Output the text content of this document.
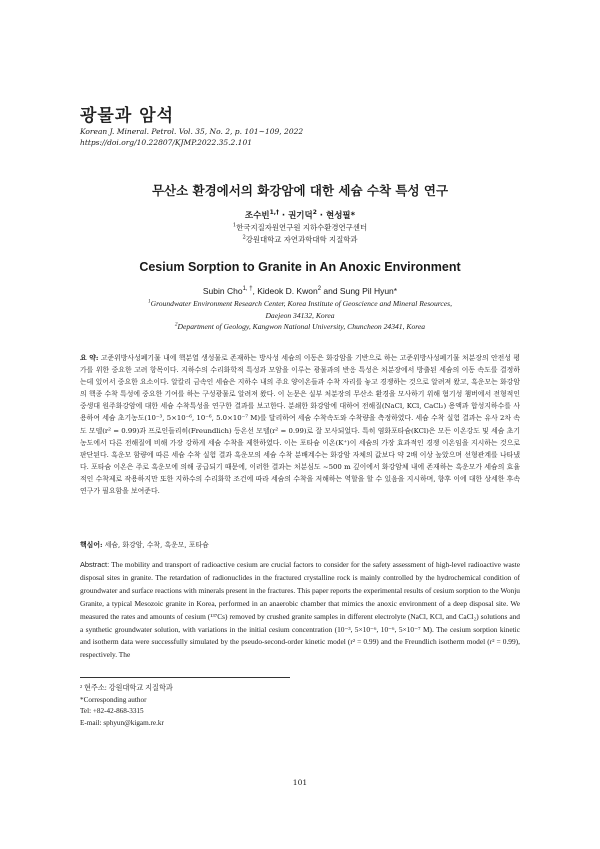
광물과 암석
Korean J. Mineral. Petrol. Vol. 35, No. 2, p. 101~109, 2022
https://doi.org/10.22807/KJMP.2022.35.2.101
무산소 환경에서의 화강암에 대한 세슘 수착 특성 연구
조수빈$^{1,\dagger}$ · 권기덕$^2$ · 현성필*
$^1$한국지질자원연구원 지하수환경연구센터
$^2$강원대학교 자연과학대학 지질학과
Cesium Sorption to Granite in An Anoxic Environment
Subin Cho$^{1, \dagger}$, Kideok D. Kwon$^2$ and Sung Pil Hyun*
$^1$Groundwater Environment Research Center, Korea Institute of Geoscience and Mineral Resources,
Daejeon 34132, Korea
$^2$Department of Geology, Kangwon National University, Chuncheon 24341, Korea
요 약: 고준위방사성폐기물 내에 핵분열 생성물로 존재하는 방사성 세슘의 이동은 화강암을 기반으로 하는 고준위방사성폐기물 처분장의 안전성 평가를 위한 중요한 고려 항목이다. 지하수의 수리화학적 특성과 모암을 이루는 광물과의 반응 특성은 처분장에서 방출된 세슘의 이동 속도를 결정하는데 있어서 중요한 요소이다. 알칼리 금속인 세슘은 지하수 내의 주요 양이온들과 수착 자리를 놓고 경쟁하는 것으로 알려져 왔고, 흑운모는 화강암의 핵종 수착 특성에 중요한 기여를 하는 구성광물로 알려져 왔다. 이 논문은 실부 처분장의 무산소 환경을 모사하기 위해 혐기성 챔버에서 전형적인 중생대 원주화강암에 대한 세슘 수착특성을 연구한 결과를 보고한다. 분쇄한 화강암에 대하여 전해질(NaCl, KCl, CaCl₂) 용액과 합성지하수를 사용하여 세슘 초기농도(10⁻³, 5×10⁻⁶, 10⁻⁶, 5.0×10⁻⁷ M)를 달리하여 세슘 수착속도와 수착량을 측정하였다. 세슘 수착 실험 결과는 유사 2차 속도 모델(r² = 0.99)과 프로인들리히(Freundlich) 등온선 모델(r² = 0.99)로 잘 모사되었다. 특히 염화포타슘(KCl)은 모든 이온강도 및 세슘 초기농도에서 다른 전해질에 비해 가장 강하게 세슘 수착을 제한하였다. 이는 포타슘 이온(K⁺)이 세슘의 가장 효과적인 경쟁 이온임을 지시하는 것으로 판단된다. 흑운모 함량에 따른 세슘 수착 실험 결과 흑운모의 세슘 수착 분배계수는 화강암 자체의 값보다 약 2배 이상 높았으며 선형관계를 나타냈다. 포타슘 이온은 주로 흑운모에 의해 공급되기 때문에, 이러한 결과는 처분심도 ~500 m 깊이에서 화강암체 내에 존재하는 흑운모가 세슘의 효율적인 수착제로 작용하지만 또한 지하수의 수리화학 조건에 따라 세슘의 수착을 저해하는 역할을 할 수 있음을 지시하며, 향후 이에 대한 상세한 후속 연구가 필요함을 보여준다.
핵심어: 세슘, 화강암, 수착, 흑운모, 포타슘
Abstract: The mobility and transport of radioactive cesium are crucial factors to consider for the safety assessment of high-level radioactive waste disposal sites in granite. The retardation of radionuclides in the fractured crystalline rock is mainly controlled by the hydrochemical condition of groundwater and surface reactions with minerals present in the fractures. This paper reports the experimental results of cesium sorption to the Wonju Granite, a typical Mesozoic granite in Korea, performed in an anaerobic chamber that mimics the anoxic environment of a deep disposal site. We measured the rates and amounts of cesium (¹³⁷Cs) removed by crushed granite samples in different electrolyte (NaCl, KCl, and CaCl₂) solutions and a synthetic groundwater solution, with variations in the initial cesium concentration (10⁻³, 5×10⁻⁶, 10⁻⁶, 5×10⁻⁷ M). The cesium sorption kinetic and isotherm data were successfully simulated by the pseudo-second-order kinetic model (r² = 0.99) and the Freundlich isotherm model (r² = 0.99), respectively. The
² 현주소: 강원대학교 지질학과
*Corresponding author
Tel: +82-42-868-3315
E-mail: sphyun@kigam.re.kr
101
